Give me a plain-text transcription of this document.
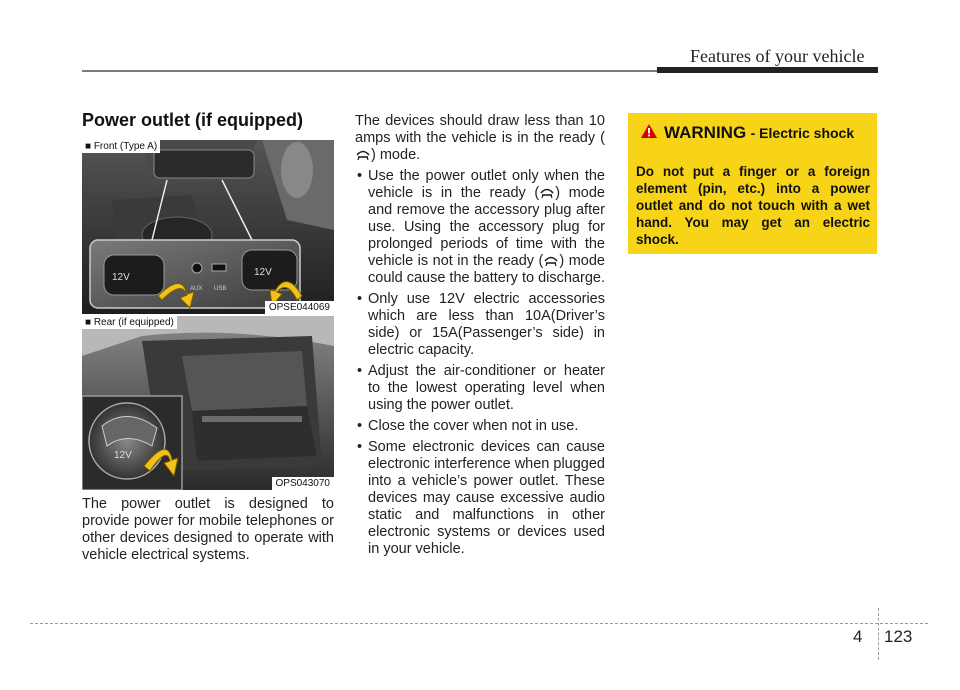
Features of your vehicle
Power outlet (if equipped)
12V	12V
AUX USB
■ Front (Type A)
OPSE044069
12V
■ Rear (if equipped)
OPS043070
The power outlet is designed to provide power for mobile telephones or other devices designed to operate with vehicle electrical systems.

The devices should draw less than 10 amps with the vehicle is in the ready () mode.

• Use the power outlet only when the vehicle is in the ready ( ) mode and remove the accessory plug after use. Using the accessory plug for prolonged periods of time with the vehicle is not in the ready ( ) mode could cause the battery to discharge.
• Only use 12V electric accessories which are less than 10A(Driver’s side) or 15A(Passenger’s side) in electric capacity.
• Adjust the air-conditioner or heater to the lowest operating level when using the power outlet.
• Close the cover when not in use.
• Some electronic devices can cause electronic interference when plugged into a vehicle’s power outlet. These devices may cause excessive audio static and malfunctions in other electronic systems or devices used in your vehicle.
WARNING - Electric shock
Do not put a finger or a foreign element (pin, etc.) into a power outlet and do not touch with a wet hand. You may get an electric shock.
4 123
